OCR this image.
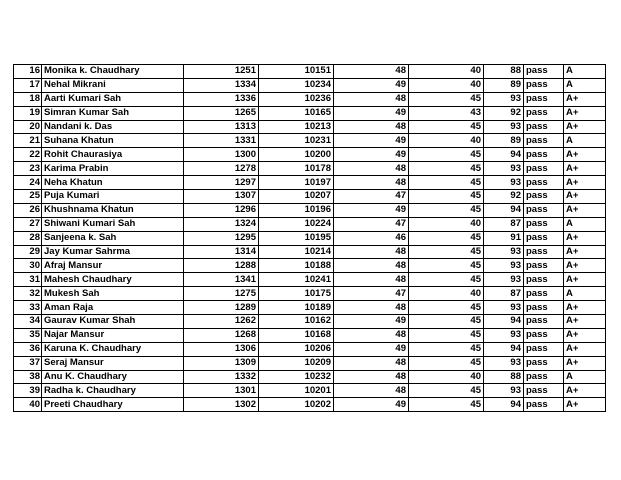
16	Monika k. Chaudhary	1251	10151	48	40	88	pass	A
17	Nehal Mikrani	1334	10234	49	40	89	pass	A
18	Aarti Kumari Sah	1336	10236	48	45	93	pass	A+
19	Simran Kumar Sah	1265	10165	49	43	92	pass	A+
20	Nandani k. Das	1313	10213	48	45	93	pass	A+
21	Suhana Khatun	1331	10231	49	40	89	pass	A
22	Rohit Chaurasiya	1300	10200	49	45	94	pass	A+
23	Karima Prabin	1278	10178	48	45	93	pass	A+
24	Neha Khatun	1297	10197	48	45	93	pass	A+
25	Puja Kumari	1307	10207	47	45	92	pass	A+
26	Khushnama Khatun	1296	10196	49	45	94	pass	A+
27	Shiwani Kumari Sah	1324	10224	47	40	87	pass	A
28	Sanjeena k. Sah	1295	10195	46	45	91	pass	A+
29	Jay Kumar Sahrma	1314	10214	48	45	93	pass	A+
30	Afraj Mansur	1288	10188	48	45	93	pass	A+
31	Mahesh Chaudhary	1341	10241	48	45	93	pass	A+
32	Mukesh Sah	1275	10175	47	40	87	pass	A
33	Aman Raja	1289	10189	48	45	93	pass	A+
34	Gaurav Kumar Shah	1262	10162	49	45	94	pass	A+
35	Najar Mansur	1268	10168	48	45	93	pass	A+
36	Karuna K. Chaudhary	1306	10206	49	45	94	pass	A+
37	Seraj Mansur	1309	10209	48	45	93	pass	A+
38	Anu K. Chaudhary	1332	10232	48	40	88	pass	A
39	Radha k. Chaudhary	1301	10201	48	45	93	pass	A+
40	Preeti Chaudhary	1302	10202	49	45	94	pass	A+
